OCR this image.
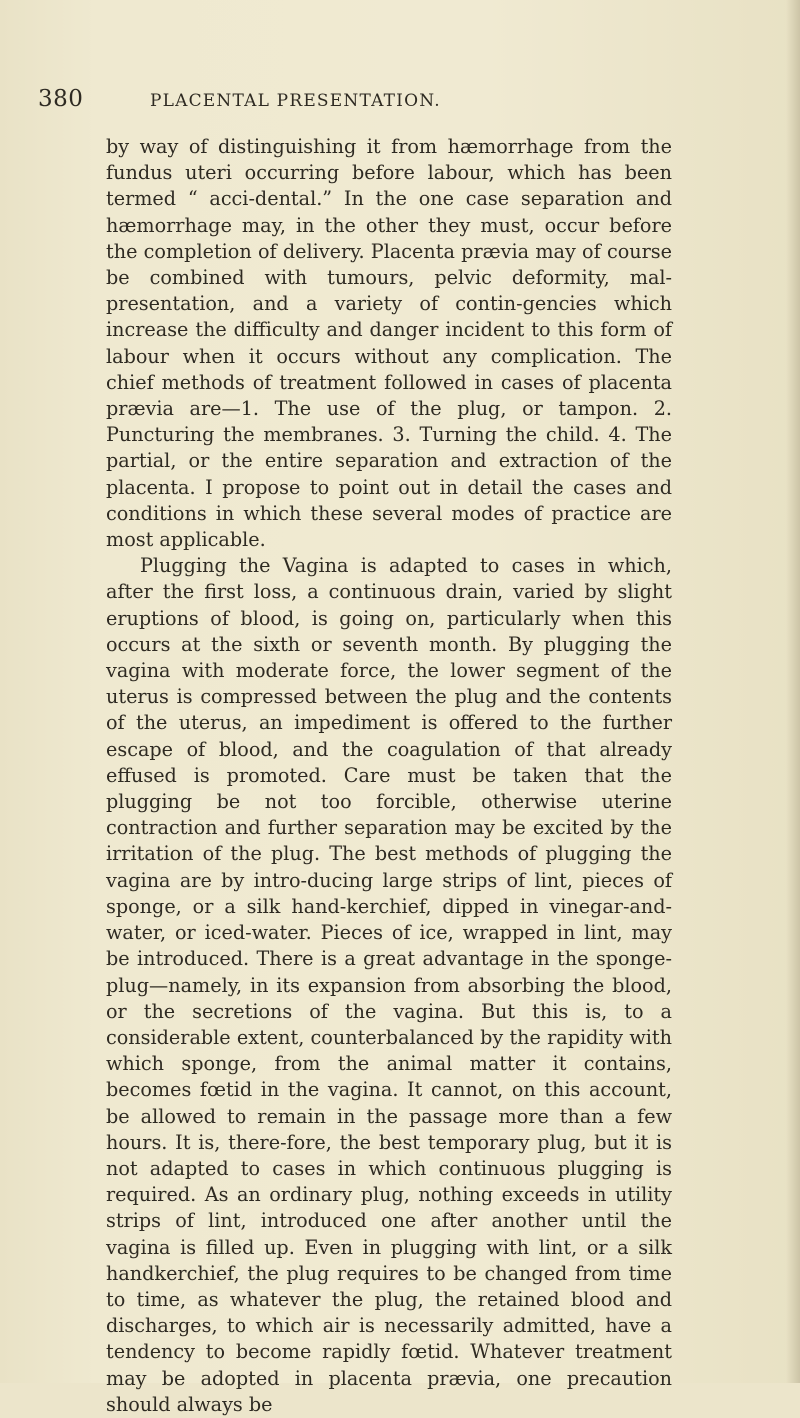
380	PLACENTAL PRESENTATION.

by way of distinguishing it from hæmorrhage from the fundus uteri occurring before labour, which has been termed “ acci-dental.” In the one case separation and hæmorrhage may, in the other they must, occur before the completion of delivery. Placenta prævia may of course be combined with tumours, pelvic deformity, mal-presentation, and a variety of contin-gencies which increase the difficulty and danger incident to this form of labour when it occurs without any complication. The chief methods of treatment followed in cases of placenta prævia are—1. The use of the plug, or tampon. 2. Puncturing the membranes. 3. Turning the child. 4. The partial, or the entire separation and extraction of the placenta. I propose to point out in detail the cases and conditions in which these several modes of practice are most applicable.

Plugging the Vagina is adapted to cases in which, after the first loss, a continuous drain, varied by slight eruptions of blood, is going on, particularly when this occurs at the sixth or seventh month. By plugging the vagina with moderate force, the lower segment of the uterus is compressed between the plug and the contents of the uterus, an impediment is offered to the further escape of blood, and the coagulation of that already effused is promoted. Care must be taken that the plugging be not too forcible, otherwise uterine contraction and further separation may be excited by the irritation of the plug. The best methods of plugging the vagina are by intro-ducing large strips of lint, pieces of sponge, or a silk hand-kerchief, dipped in vinegar-and-water, or iced-water. Pieces of ice, wrapped in lint, may be introduced. There is a great advantage in the sponge-plug—namely, in its expansion from absorbing the blood, or the secretions of the vagina. But this is, to a considerable extent, counterbalanced by the rapidity with which sponge, from the animal matter it contains, becomes fœtid in the vagina. It cannot, on this account, be allowed to remain in the passage more than a few hours. It is, there-fore, the best temporary plug, but it is not adapted to cases in which continuous plugging is required. As an ordinary plug, nothing exceeds in utility strips of lint, introduced one after another until the vagina is filled up. Even in plugging with lint, or a silk handkerchief, the plug requires to be changed from time to time, as whatever the plug, the retained blood and discharges, to which air is necessarily admitted, have a tendency to become rapidly fœtid. Whatever treatment may be adopted in placenta prævia, one precaution should always be
